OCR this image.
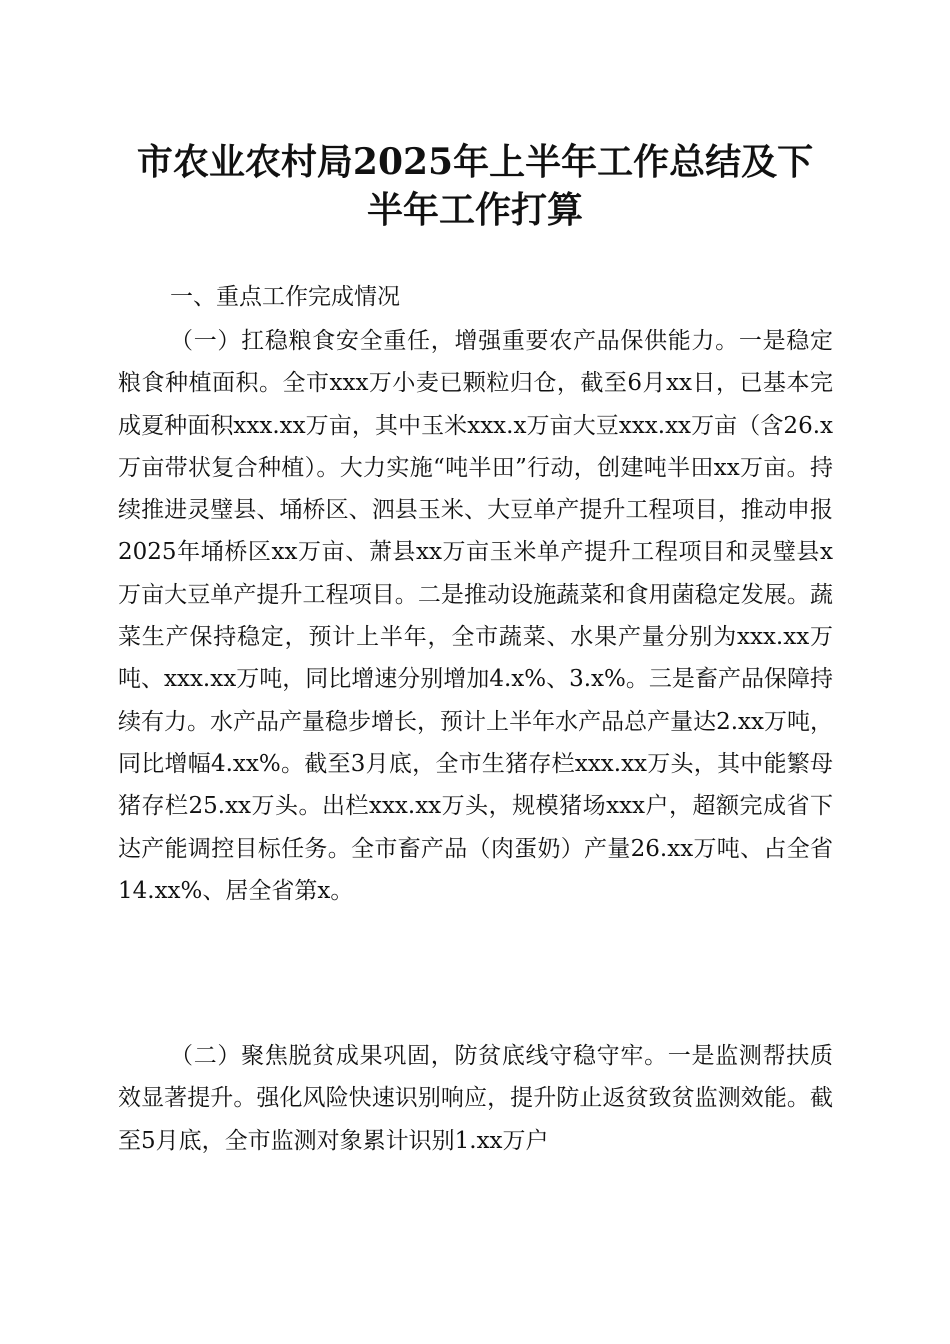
市农业农村局2025年上半年工作总结及下半年工作打算
一、重点工作完成情况

（一）扛稳粮食安全重任，增强重要农产品保供能力。一是稳定粮食种植面积。全市xxx万小麦已颗粒归仓，截至6月xx日，已基本完成夏种面积xxx.xx万亩，其中玉米xxx.x万亩大豆xxx.xx万亩（含26.x万亩带状复合种植）。大力实施“吨半田”行动，创建吨半田xx万亩。持续推进灵璧县、埇桥区、泗县玉米、大豆单产提升工程项目，推动申报2025年埇桥区xx万亩、萧县xx万亩玉米单产提升工程项目和灵璧县x万亩大豆单产提升工程项目。二是推动设施蔬菜和食用菌稳定发展。蔬菜生产保持稳定，预计上半年，全市蔬菜、水果产量分别为xxx.xx万吨、xxx.xx万吨，同比增速分别增加4.x%、3.x%。三是畜产品保障持续有力。水产品产量稳步增长，预计上半年水产品总产量达2.xx万吨，同比增幅4.xx%。截至3月底，全市生猪存栏xxx.xx万头，其中能繁母猪存栏25.xx万头。出栏xxx.xx万头，规模猪场xxx户，超额完成省下达产能调控目标任务。全市畜产品（肉蛋奶）产量26.xx万吨、占全省14.xx%、居全省第x。

（二）聚焦脱贫成果巩固，防贫底线守稳守牢。一是监测帮扶质效显著提升。强化风险快速识别响应，提升防止返贫致贫监测效能。截至5月底，全市监测对象累计识别1.xx万户
